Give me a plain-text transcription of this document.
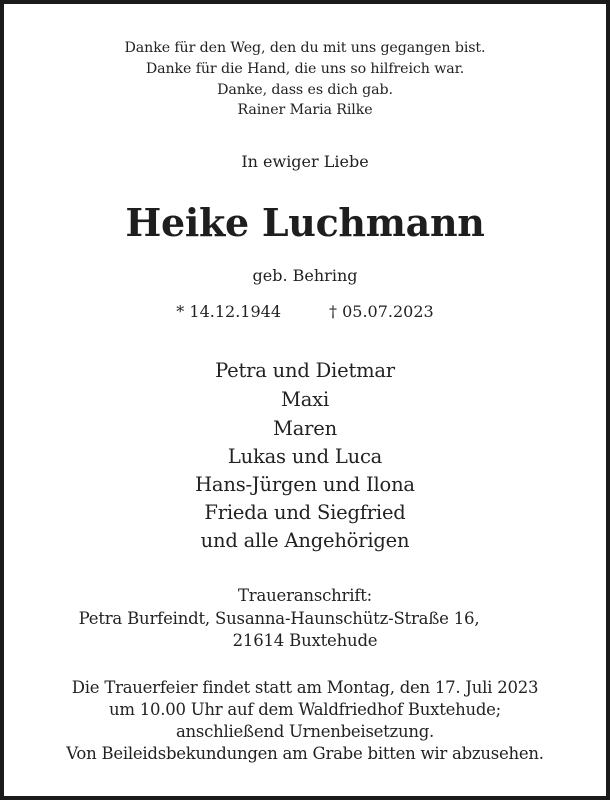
Danke für den Weg, den du mit uns gegangen bist.
Danke für die Hand, die uns so hilfreich war.
Danke, dass es dich gab.
Rainer Maria Rilke
In ewiger Liebe
Heike Luchmann
geb. Behring
* 14.12.1944	† 05.07.2023
Petra und Dietmar
Maxi
Maren
Lukas und Luca
Hans-Jürgen und Ilona
Frieda und Siegfried
und alle Angehörigen
Traueranschrift:
Petra Burfeindt, Susanna-Haunschütz-Straße 16,
21614 Buxtehude
Die Trauerfeier findet statt am Montag, den 17. Juli 2023
um 10.00 Uhr auf dem Waldfriedhof Buxtehude;
anschließend Urnenbeisetzung.
Von Beileidsbekundungen am Grabe bitten wir abzusehen.
